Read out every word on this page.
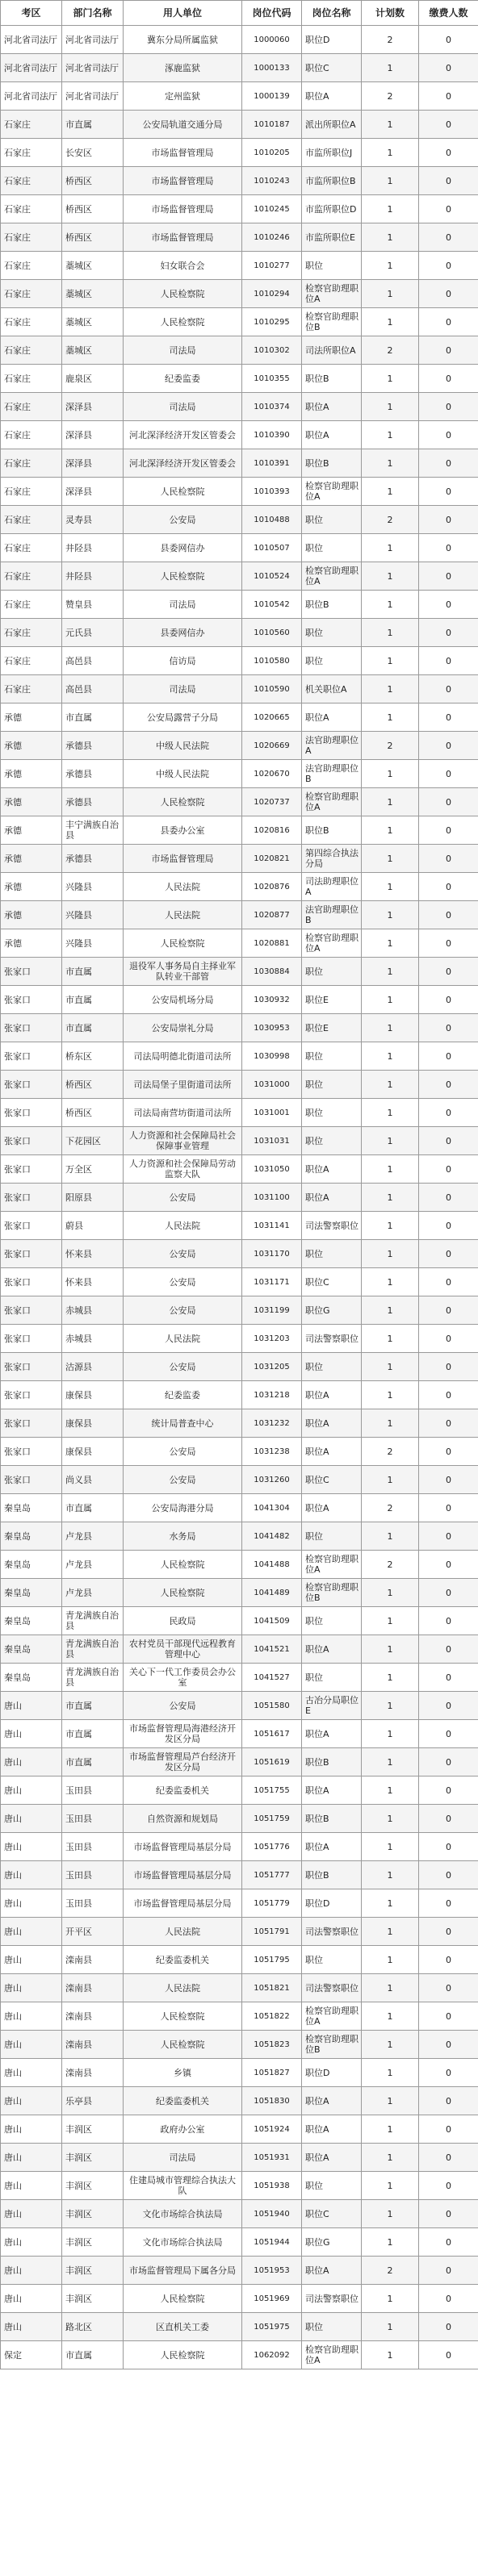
考区	部门名称	用人单位	岗位代码	岗位名称	计划数	缴费人数
河北省司法厅	河北省司法厅	冀东分局所属监狱	1000060	职位D	2	0
河北省司法厅	河北省司法厅	涿鹿监狱	1000133	职位C	1	0
河北省司法厅	河北省司法厅	定州监狱	1000139	职位A	2	0
石家庄	市直属	公安局轨道交通分局	1010187	派出所职位A	1	0
石家庄	长安区	市场监督管理局	1010205	市监所职位J	1	0
石家庄	桥西区	市场监督管理局	1010243	市监所职位B	1	0
石家庄	桥西区	市场监督管理局	1010245	市监所职位D	1	0
石家庄	桥西区	市场监督管理局	1010246	市监所职位E	1	0
石家庄	藁城区	妇女联合会	1010277	职位	1	0
石家庄	藁城区	人民检察院	1010294	检察官助理职位A	1	0
石家庄	藁城区	人民检察院	1010295	检察官助理职位B	1	0
石家庄	藁城区	司法局	1010302	司法所职位A	2	0
石家庄	鹿泉区	纪委监委	1010355	职位B	1	0
石家庄	深泽县	司法局	1010374	职位A	1	0
石家庄	深泽县	河北深泽经济开发区管委会	1010390	职位A	1	0
石家庄	深泽县	河北深泽经济开发区管委会	1010391	职位B	1	0
石家庄	深泽县	人民检察院	1010393	检察官助理职位A	1	0
石家庄	灵寿县	公安局	1010488	职位	2	0
石家庄	井陉县	县委网信办	1010507	职位	1	0
石家庄	井陉县	人民检察院	1010524	检察官助理职位A	1	0
石家庄	赞皇县	司法局	1010542	职位B	1	0
石家庄	元氏县	县委网信办	1010560	职位	1	0
石家庄	高邑县	信访局	1010580	职位	1	0
石家庄	高邑县	司法局	1010590	机关职位A	1	0
承德	市直属	公安局露营子分局	1020665	职位A	1	0
承德	承德县	中级人民法院	1020669	法官助理职位A	2	0
承德	承德县	中级人民法院	1020670	法官助理职位B	1	0
承德	承德县	人民检察院	1020737	检察官助理职位A	1	0
承德	丰宁满族自治县	县委办公室	1020816	职位B	1	0
承德	承德县	市场监督管理局	1020821	第四综合执法分局	1	0
承德	兴隆县	人民法院	1020876	司法助理职位A	1	0
承德	兴隆县	人民法院	1020877	法官助理职位B	1	0
承德	兴隆县	人民检察院	1020881	检察官助理职位A	1	0
张家口	市直属	退役军人事务局自主择业军队转业干部管	1030884	职位	1	0
张家口	市直属	公安局机场分局	1030932	职位E	1	0
张家口	市直属	公安局崇礼分局	1030953	职位E	1	0
张家口	桥东区	司法局明德北街道司法所	1030998	职位	1	0
张家口	桥西区	司法局堡子里街道司法所	1031000	职位	1	0
张家口	桥西区	司法局南营坊街道司法所	1031001	职位	1	0
张家口	下花园区	人力资源和社会保障局社会保障事业管理	1031031	职位	1	0
张家口	万全区	人力资源和社会保障局劳动监察大队	1031050	职位A	1	0
张家口	阳原县	公安局	1031100	职位A	1	0
张家口	蔚县	人民法院	1031141	司法警察职位	1	0
张家口	怀来县	公安局	1031170	职位	1	0
张家口	怀来县	公安局	1031171	职位C	1	0
张家口	赤城县	公安局	1031199	职位G	1	0
张家口	赤城县	人民法院	1031203	司法警察职位	1	0
张家口	沽源县	公安局	1031205	职位	1	0
张家口	康保县	纪委监委	1031218	职位A	1	0
张家口	康保县	统计局普查中心	1031232	职位A	1	0
张家口	康保县	公安局	1031238	职位A	2	0
张家口	尚义县	公安局	1031260	职位C	1	0
秦皇岛	市直属	公安局海港分局	1041304	职位A	2	0
秦皇岛	卢龙县	水务局	1041482	职位	1	0
秦皇岛	卢龙县	人民检察院	1041488	检察官助理职位A	2	0
秦皇岛	卢龙县	人民检察院	1041489	检察官助理职位B	1	0
秦皇岛	青龙满族自治县	民政局	1041509	职位	1	0
秦皇岛	青龙满族自治县	农村党员干部现代远程教育管理中心	1041521	职位A	1	0
秦皇岛	青龙满族自治县	关心下一代工作委员会办公室	1041527	职位	1	0
唐山	市直属	公安局	1051580	古冶分局职位E	1	0
唐山	市直属	市场监督管理局海港经济开发区分局	1051617	职位A	1	0
唐山	市直属	市场监督管理局芦台经济开发区分局	1051619	职位B	1	0
唐山	玉田县	纪委监委机关	1051755	职位A	1	0
唐山	玉田县	自然资源和规划局	1051759	职位B	1	0
唐山	玉田县	市场监督管理局基层分局	1051776	职位A	1	0
唐山	玉田县	市场监督管理局基层分局	1051777	职位B	1	0
唐山	玉田县	市场监督管理局基层分局	1051779	职位D	1	0
唐山	开平区	人民法院	1051791	司法警察职位	1	0
唐山	滦南县	纪委监委机关	1051795	职位	1	0
唐山	滦南县	人民法院	1051821	司法警察职位	1	0
唐山	滦南县	人民检察院	1051822	检察官助理职位A	1	0
唐山	滦南县	人民检察院	1051823	检察官助理职位B	1	0
唐山	滦南县	乡镇	1051827	职位D	1	0
唐山	乐亭县	纪委监委机关	1051830	职位A	1	0
唐山	丰润区	政府办公室	1051924	职位A	1	0
唐山	丰润区	司法局	1051931	职位A	1	0
唐山	丰润区	住建局城市管理综合执法大队	1051938	职位	1	0
唐山	丰润区	文化市场综合执法局	1051940	职位C	1	0
唐山	丰润区	文化市场综合执法局	1051944	职位G	1	0
唐山	丰润区	市场监督管理局下属各分局	1051953	职位A	2	0
唐山	丰润区	人民检察院	1051969	司法警察职位	1	0
唐山	路北区	区直机关工委	1051975	职位	1	0
保定	市直属	人民检察院	1062092	检察官助理职位A	1	0
